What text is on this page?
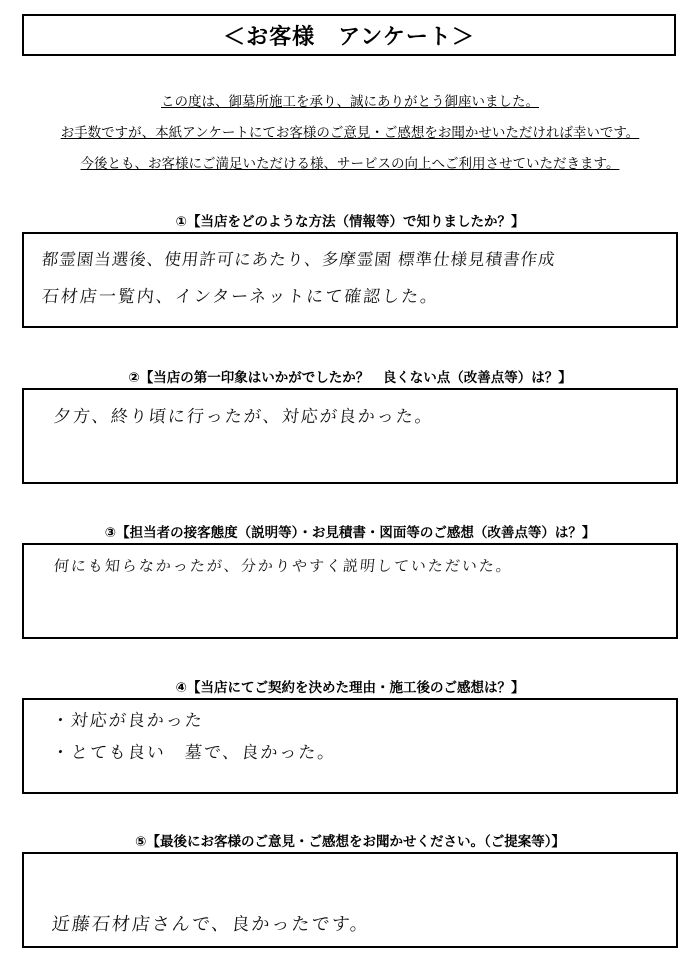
＜お客様　アンケート＞
この度は、御墓所施工を承り、誠にありがとう御座いました。
お手数ですが、本紙アンケートにてお客様のご意見・ご感想をお聞かせいただければ幸いです。
今後とも、お客様にご満足いただける様、サービスの向上へご利用させていただきます。
①【当店をどのような方法（情報等）で知りましたか？】
都霊園当選後、使用許可にあたり、多摩霊園 標準仕様見積書作成
石材店一覧内、インターネットにて確認した。
②【当店の第一印象はいかがでしたか？　良くない点（改善点等）は？】
夕方、終り頃に行ったが、対応が良かった。
③【担当者の接客態度（説明等）・お見積書・図面等のご感想（改善点等）は？】
何にも知らなかったが、分かりやすく説明していただいた。
④【当店にてご契約を決めた理由・施工後のご感想は？】
・対応が良かった
・とても良い　墓で、良かった。
⑤【最後にお客様のご意見・ご感想をお聞かせください。（ご提案等）】
近藤石材店さんで、良かったです。
